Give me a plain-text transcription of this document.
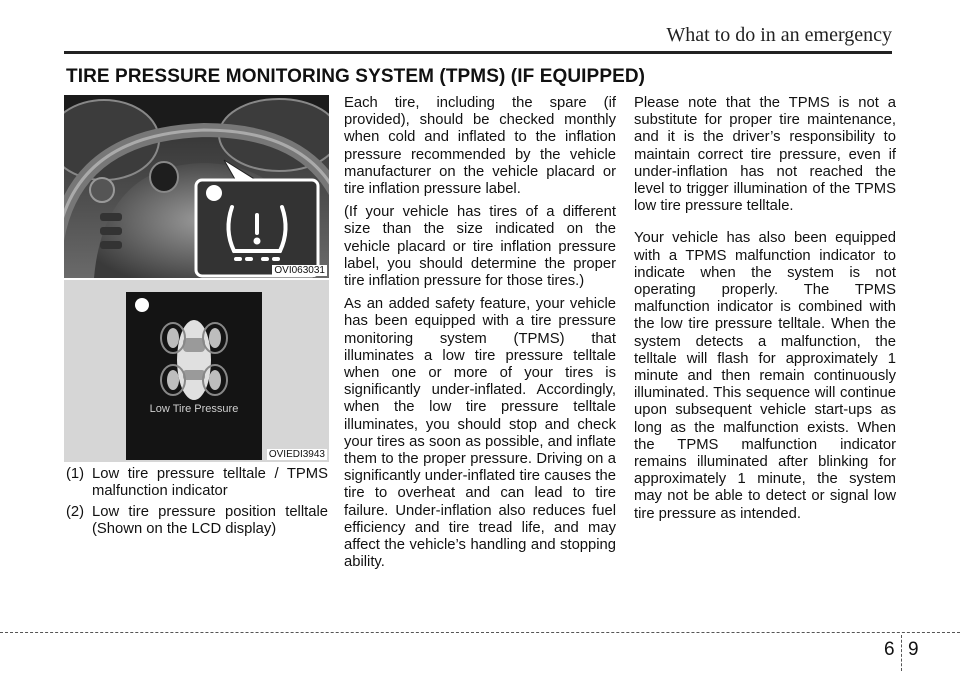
What to do in an emergency
TIRE PRESSURE MONITORING SYSTEM (TPMS) (IF EQUIPPED)
OVI063031
Low Tire Pressure
OVIEDI3943
(1) Low tire pressure telltale / TPMS malfunction indicator
(2) Low tire pressure position telltale (Shown on the LCD display)

Each tire, including the spare (if provided), should be checked monthly when cold and inflated to the inflation pressure recommended by the vehicle manufacturer on the vehicle placard or tire inflation pressure label.

(If your vehicle has tires of a different size than the size indicated on the vehicle placard or tire inflation pressure label, you should determine the proper tire inflation pressure for those tires.)

As an added safety feature, your vehicle has been equipped with a tire pressure monitoring system (TPMS) that illuminates a low tire pressure telltale when one or more of your tires is significantly under-inflated. Accordingly, when the low tire pressure telltale illuminates, you should stop and check your tires as soon as possible, and inflate them to the proper pressure. Driving on a significantly under-inflated tire causes the tire to overheat and can lead to tire failure. Under-inflation also reduces fuel efficiency and tire tread life, and may affect the vehicle’s handling and stopping ability.

Please note that the TPMS is not a substitute for proper tire maintenance, and it is the driver’s responsibility to maintain correct tire pressure, even if under-inflation has not reached the level to trigger illumination of the TPMS low tire pressure telltale.

Your vehicle has also been equipped with a TPMS malfunction indicator to indicate when the system is not operating properly. The TPMS malfunction indicator is combined with the low tire pressure telltale. When the system detects a malfunction, the telltale will flash for approximately 1 minute and then remain continuously illuminated. This sequence will continue upon subsequent vehicle start-ups as long as the malfunction exists. When the TPMS malfunction indicator remains illuminated after blinking for approximately 1 minute, the system may not be able to detect or signal low tire pressure as intended.

6 9
